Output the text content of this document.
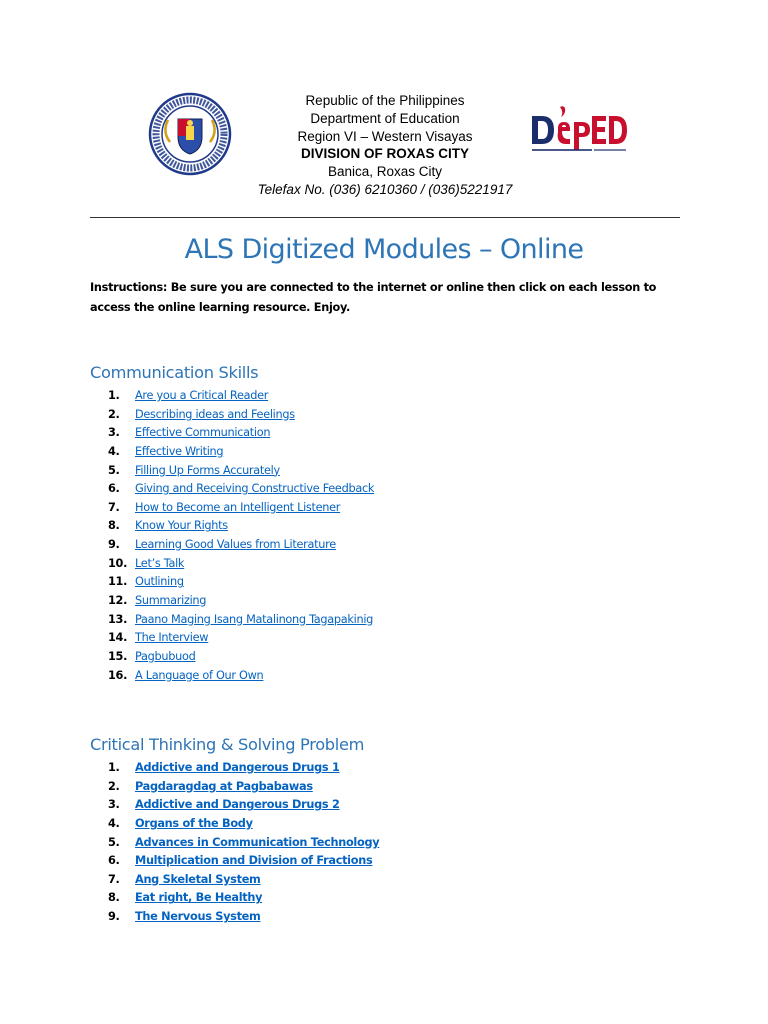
Republic of the Philippines
Department of Education
Region VI – Western Visayas
DIVISION OF ROXAS CITY
Banica, Roxas City
Telefax No. (036) 6210360 / (036)5221917
ALS Digitized Modules – Online
Instructions: Be sure you are connected to the internet or online then click on each lesson to access the online learning resource. Enjoy.
Communication Skills
1. Are you a Critical Reader
2. Describing ideas and Feelings
3. Effective Communication
4. Effective Writing
5. Filling Up Forms Accurately
6. Giving and Receiving Constructive Feedback
7. How to Become an Intelligent Listener
8. Know Your Rights
9. Learning Good Values from Literature
10. Let’s Talk
11. Outlining
12. Summarizing
13. Paano Maging Isang Matalinong Tagapakinig
14. The Interview
15. Pagbubuod
16. A Language of Our Own
Critical Thinking & Solving Problem
1. Addictive and Dangerous Drugs 1
2. Pagdaragdag at Pagbabawas
3. Addictive and Dangerous Drugs 2
4. Organs of the Body
5. Advances in Communication Technology
6. Multiplication and Division of Fractions
7. Ang Skeletal System
8. Eat right, Be Healthy
9. The Nervous System
